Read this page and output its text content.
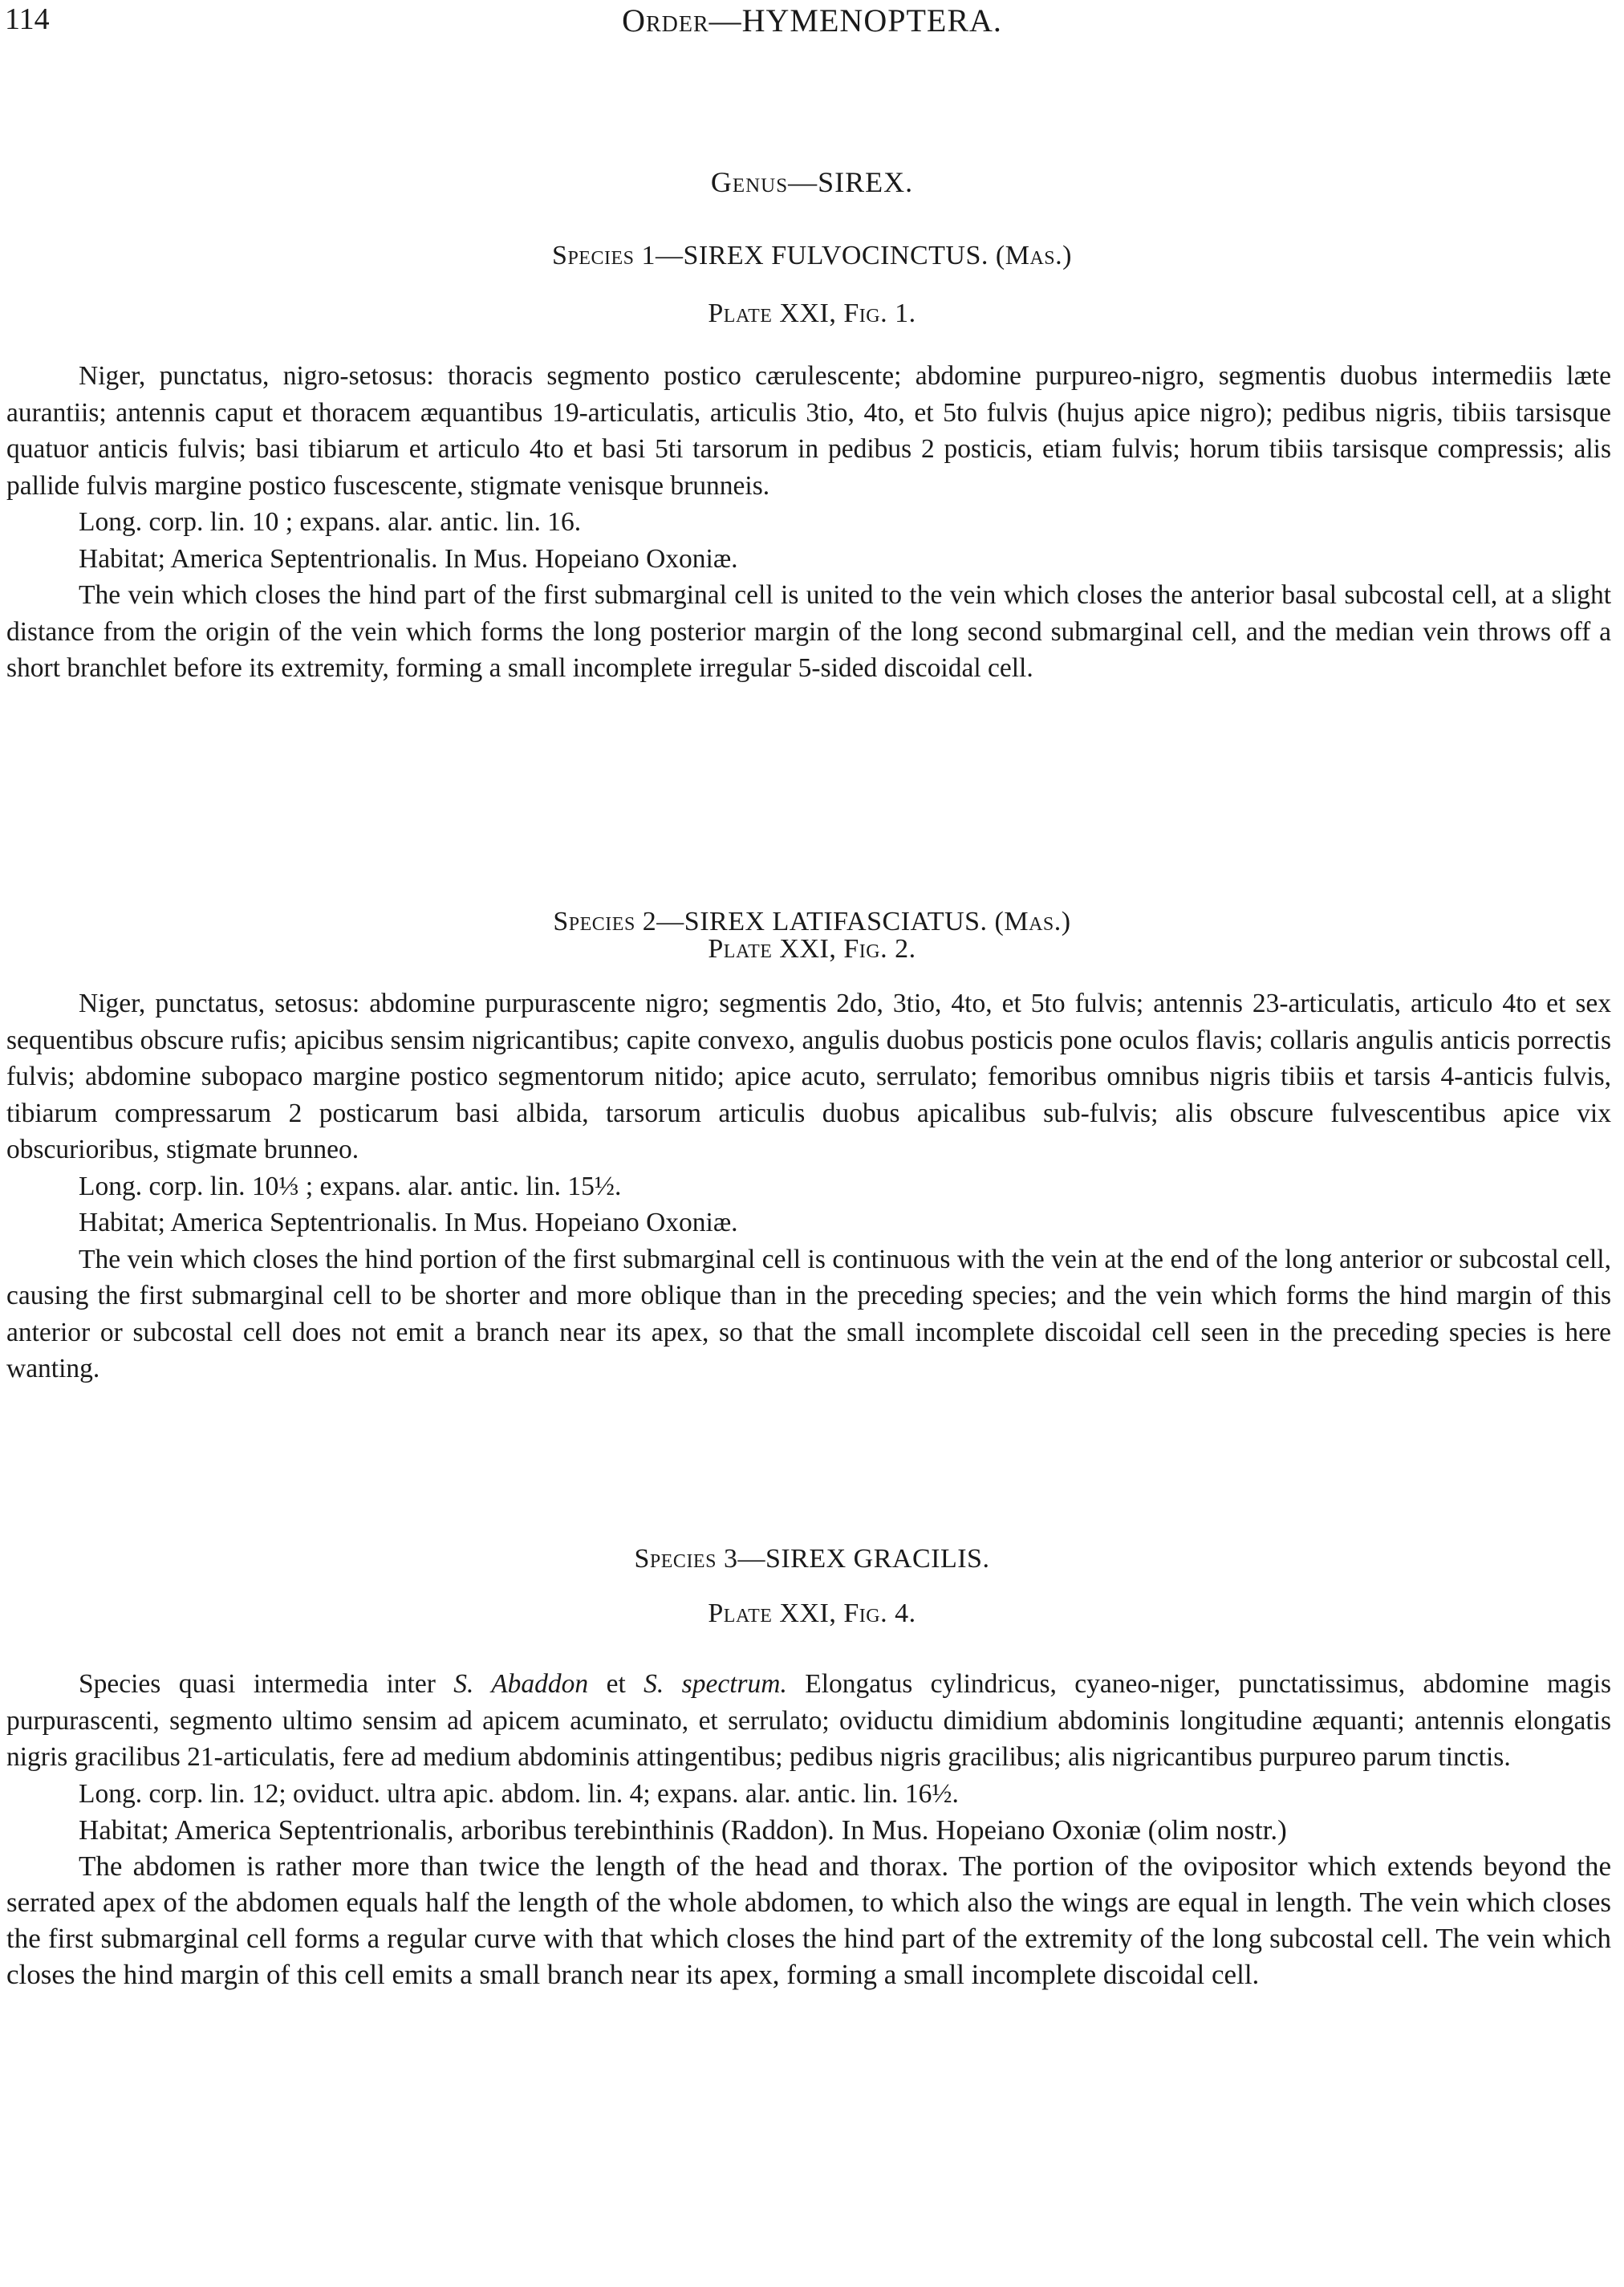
114	Order—HYMENOPTERA.
Genus—SIREX.
Species 1—SIREX FULVOCINCTUS. (Mas.)
Plate XXI, Fig. 1.

Niger, punctatus, nigro-setosus: thoracis segmento postico cærulescente; abdomine purpureo-nigro, segmentis duobus intermediis læte aurantiis; antennis caput et thoracem æquantibus 19-articulatis, articulis 3tio, 4to, et 5to fulvis (hujus apice nigro); pedibus nigris, tibiis tarsisque quatuor anticis fulvis; basi tibiarum et articulo 4to et basi 5ti tarsorum in pedibus 2 posticis, etiam fulvis; horum tibiis tarsisque compressis; alis pallide fulvis margine postico fuscescente, stigmate venisque brunneis.

Long. corp. lin. 10 ; expans. alar. antic. lin. 16.

Habitat; America Septentrionalis. In Mus. Hopeiano Oxoniæ.

The vein which closes the hind part of the first submarginal cell is united to the vein which closes the anterior basal subcostal cell, at a slight distance from the origin of the vein which forms the long posterior margin of the long second submarginal cell, and the median vein throws off a short branchlet before its extremity, forming a small incomplete irregular 5-sided discoidal cell.

Species 2—SIREX LATIFASCIATUS. (Mas.)
Plate XXI, Fig. 2.

Niger, punctatus, setosus: abdomine purpurascente nigro; segmentis 2do, 3tio, 4to, et 5to fulvis; antennis 23-articulatis, articulo 4to et sex sequentibus obscure rufis; apicibus sensim nigricantibus; capite convexo, angulis duobus posticis pone oculos flavis; collaris angulis anticis porrectis fulvis; abdomine subopaco margine postico segmentorum nitido; apice acuto, serrulato; femoribus omnibus nigris tibiis et tarsis 4-anticis fulvis, tibiarum compressarum 2 posticarum basi albida, tarsorum articulis duobus apicalibus sub-fulvis; alis obscure fulvescentibus apice vix obscurioribus, stigmate brunneo.

Long. corp. lin. 10⅓ ; expans. alar. antic. lin. 15½.

Habitat; America Septentrionalis. In Mus. Hopeiano Oxoniæ.

The vein which closes the hind portion of the first submarginal cell is continuous with the vein at the end of the long anterior or subcostal cell, causing the first submarginal cell to be shorter and more oblique than in the preceding species; and the vein which forms the hind margin of this anterior or subcostal cell does not emit a branch near its apex, so that the small incomplete discoidal cell seen in the preceding species is here wanting.

Species 3—SIREX GRACILIS.
Plate XXI, Fig. 4.

Species quasi intermedia inter S. Abaddon et S. spectrum. Elongatus cylindricus, cyaneo-niger, punctatissimus, abdomine magis purpurascenti, segmento ultimo sensim ad apicem acuminato, et serrulato; oviductu dimidium abdominis longitudine æquanti; antennis elongatis nigris gracilibus 21-articulatis, fere ad medium abdominis attingentibus; pedibus nigris gracilibus; alis nigricantibus purpureo parum tinctis.

Long. corp. lin. 12; oviduct. ultra apic. abdom. lin. 4; expans. alar. antic. lin. 16½.

Habitat; America Septentrionalis, arboribus terebinthinis (Raddon). In Mus. Hopeiano Oxoniæ (olim nostr.)

The abdomen is rather more than twice the length of the head and thorax. The portion of the ovipositor which extends beyond the serrated apex of the abdomen equals half the length of the whole abdomen, to which also the wings are equal in length. The vein which closes the first submarginal cell forms a regular curve with that which closes the hind part of the extremity of the long subcostal cell. The vein which closes the hind margin of this cell emits a small branch near its apex, forming a small incomplete discoidal cell.
